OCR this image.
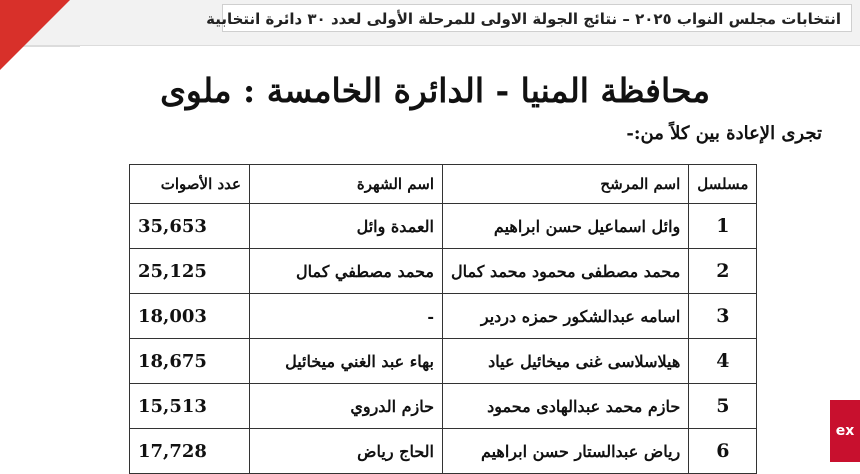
انتخابات مجلس النواب ٢٠٢٥ – نتائج الجولة الاولى للمرحلة الأولى لعدد ٣٠ دائرة انتخابية
محافظة المنيا - الدائرة الخامسة : ملوى
تجرى الإعادة بين كلاً من:-
مسلسل	اسم المرشح	اسم الشهرة	عدد الأصوات
1	وائل اسماعيل حسن ابراهيم	العمدة وائل	35,653
2	محمد مصطفى محمود محمد كمال	محمد مصطفي كمال	25,125
3	اسامه عبدالشكور حمزه دردير	-	18,003
4	هيلاسلاسى غنى ميخائيل عياد	بهاء عبد الغني ميخائيل	18,675
5	حازم محمد عبدالهادى محمود	حازم الدروي	15,513
6	رياض عبدالستار حسن ابراهيم	الحاج رياض	17,728
ex
